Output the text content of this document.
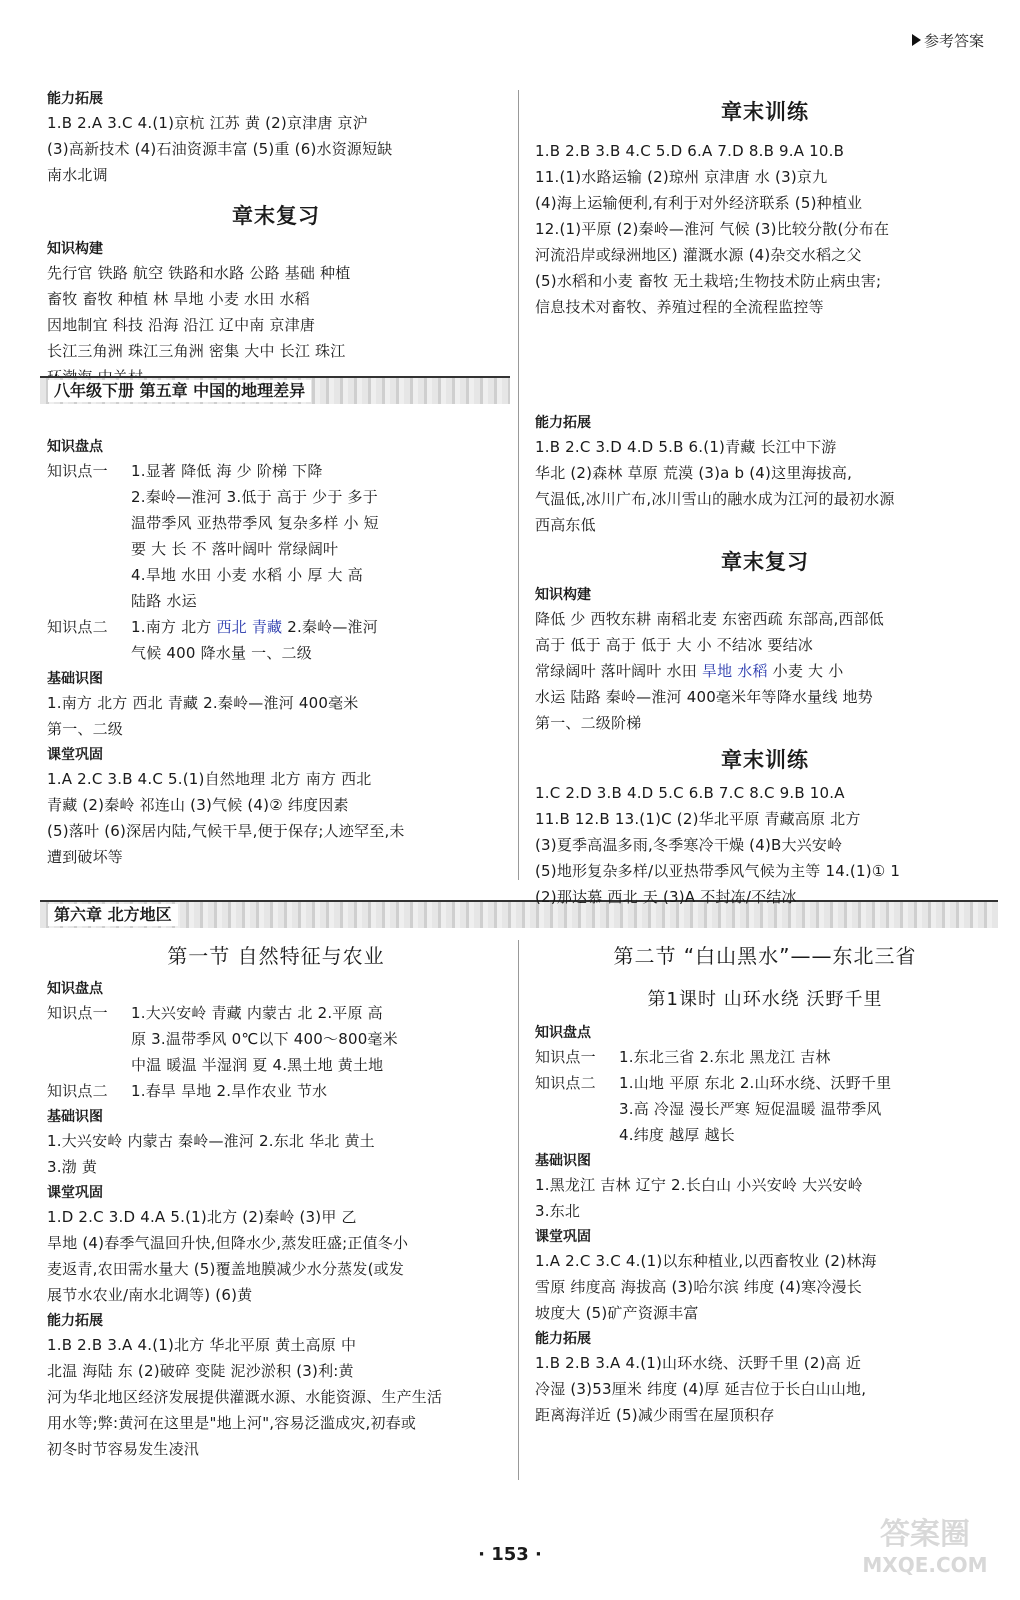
参考答案
能力拓展
1.B 2.A 3.C 4.(1)京杭 江苏 黄 (2)京津唐 京沪
(3)高新技术 (4)石油资源丰富 (5)重 (6)水资源短缺
南水北调
章末复习
知识构建
先行官 铁路 航空 铁路和水路 公路 基础 种植
畜牧 畜牧 种植 林 旱地 小麦 水田 水稻
因地制宜 科技 沿海 沿江 辽中南 京津唐
长江三角洲 珠江三角洲 密集 大中 长江 珠江
八年级下册 第五章 中国的地理差异
知识盘点
知识点一 1.显著 降低 海 少 阶梯 下降
2.秦岭—淮河 3.低于 高于 少于 多于
温带季风 亚热带季风 复杂多样 小 短
要 大 长 不 落叶阔叶 常绿阔叶
4.旱地 水田 小麦 水稻 小 厚 大 高
陆路 水运
知识点二 1.南方 北方 西北 青藏 2.秦岭—淮河
气候 400 降水量 一、二级
基础识图
1.南方 北方 西北 青藏 2.秦岭—淮河 400毫米
第一、二级
课堂巩固
1.A 2.C 3.B 4.C 5.(1)自然地理 北方 南方 西北
青藏 (2)秦岭 祁连山 (3)气候 (4)② 纬度因素
(5)落叶 (6)深居内陆,气候干旱,便于保存;人迹罕至,未
遭到破坏等
第六章 北方地区
第一节 自然特征与农业
知识盘点
知识点一 1.大兴安岭 青藏 内蒙古 北 2.平原 高
原 3.温带季风 0℃以下 400～800毫米
中温 暖温 半湿润 夏 4.黑土地 黄土地
知识点二 1.春旱 旱地 2.旱作农业 节水
基础识图
1.大兴安岭 内蒙古 秦岭—淮河 2.东北 华北 黄土
3.渤 黄
课堂巩固
1.D 2.C 3.D 4.A 5.(1)北方 (2)秦岭 (3)甲 乙
旱地 (4)春季气温回升快,但降水少,蒸发旺盛;正值冬小
麦返青,农田需水量大 (5)覆盖地膜减少水分蒸发(或发
展节水农业/南水北调等) (6)黄
能力拓展
1.B 2.B 3.A 4.(1)北方 华北平原 黄土高原 中
北温 海陆 东 (2)破碎 变陡 泥沙淤积 (3)利:黄
河为华北地区经济发展提供灌溉水源、水能资源、生产生活
用水等;弊:黄河在这里是"地上河",容易泛滥成灾,初春或
初冬时节容易发生凌汛
章末训练
1.B 2.B 3.B 4.C 5.D 6.A 7.D 8.B 9.A 10.B
11.(1)水路运输 (2)琼州 京津唐 水 (3)京九
(4)海上运输便利,有利于对外经济联系 (5)种植业
12.(1)平原 (2)秦岭—淮河 气候 (3)比较分散(分布在
河流沿岸或绿洲地区) 灌溉水源 (4)杂交水稻之父
(5)水稻和小麦 畜牧 无土栽培;生物技术防止病虫害;
信息技术对畜牧、养殖过程的全流程监控等
能力拓展
1.B 2.C 3.D 4.D 5.B 6.(1)青藏 长江中下游
华北 (2)森林 草原 荒漠 (3)a b (4)这里海拔高,
气温低,冰川广布,冰川雪山的融水成为江河的最初水源
西高东低
章末复习
知识构建
降低 少 西牧东耕 南稻北麦 东密西疏 东部高,西部低
高于 低于 高于 低于 大 小 不结冰 要结冰
常绿阔叶 落叶阔叶 水田 旱地 水稻 小麦 大 小
水运 陆路 秦岭—淮河 400毫米年等降水量线 地势
第一、二级阶梯
章末训练
1.C 2.D 3.B 4.D 5.C 6.B 7.C 8.C 9.B 10.A
11.B 12.B 13.(1)C (2)华北平原 青藏高原 北方
(3)夏季高温多雨,冬季寒冷干燥 (4)B大兴安岭
(5)地形复杂多样/以亚热带季风气候为主等 14.(1)① 1
(2)那达慕 西北 天 (3)A 不封冻/不结冰
第二节 “白山黑水”——东北三省
第1课时 山环水绕 沃野千里
知识盘点
知识点一 1.东北三省 2.东北 黑龙江 吉林
知识点二 1.山地 平原 东北 2.山环水绕、沃野千里
3.高 冷湿 漫长严寒 短促温暖 温带季风
4.纬度 越厚 越长
基础识图
1.黑龙江 吉林 辽宁 2.长白山 小兴安岭 大兴安岭
3.东北
课堂巩固
1.A 2.C 3.C 4.(1)以东种植业,以西畜牧业 (2)林海
雪原 纬度高 海拔高 (3)哈尔滨 纬度 (4)寒冷漫长
坡度大 (5)矿产资源丰富
能力拓展
1.B 2.B 3.A 4.(1)山环水绕、沃野千里 (2)高 近
冷湿 (3)53厘米 纬度 (4)厚 延吉位于长白山山地,
距离海洋近 (5)减少雨雪在屋顶积存
· 153 ·
答案圈
MXQE.COM
